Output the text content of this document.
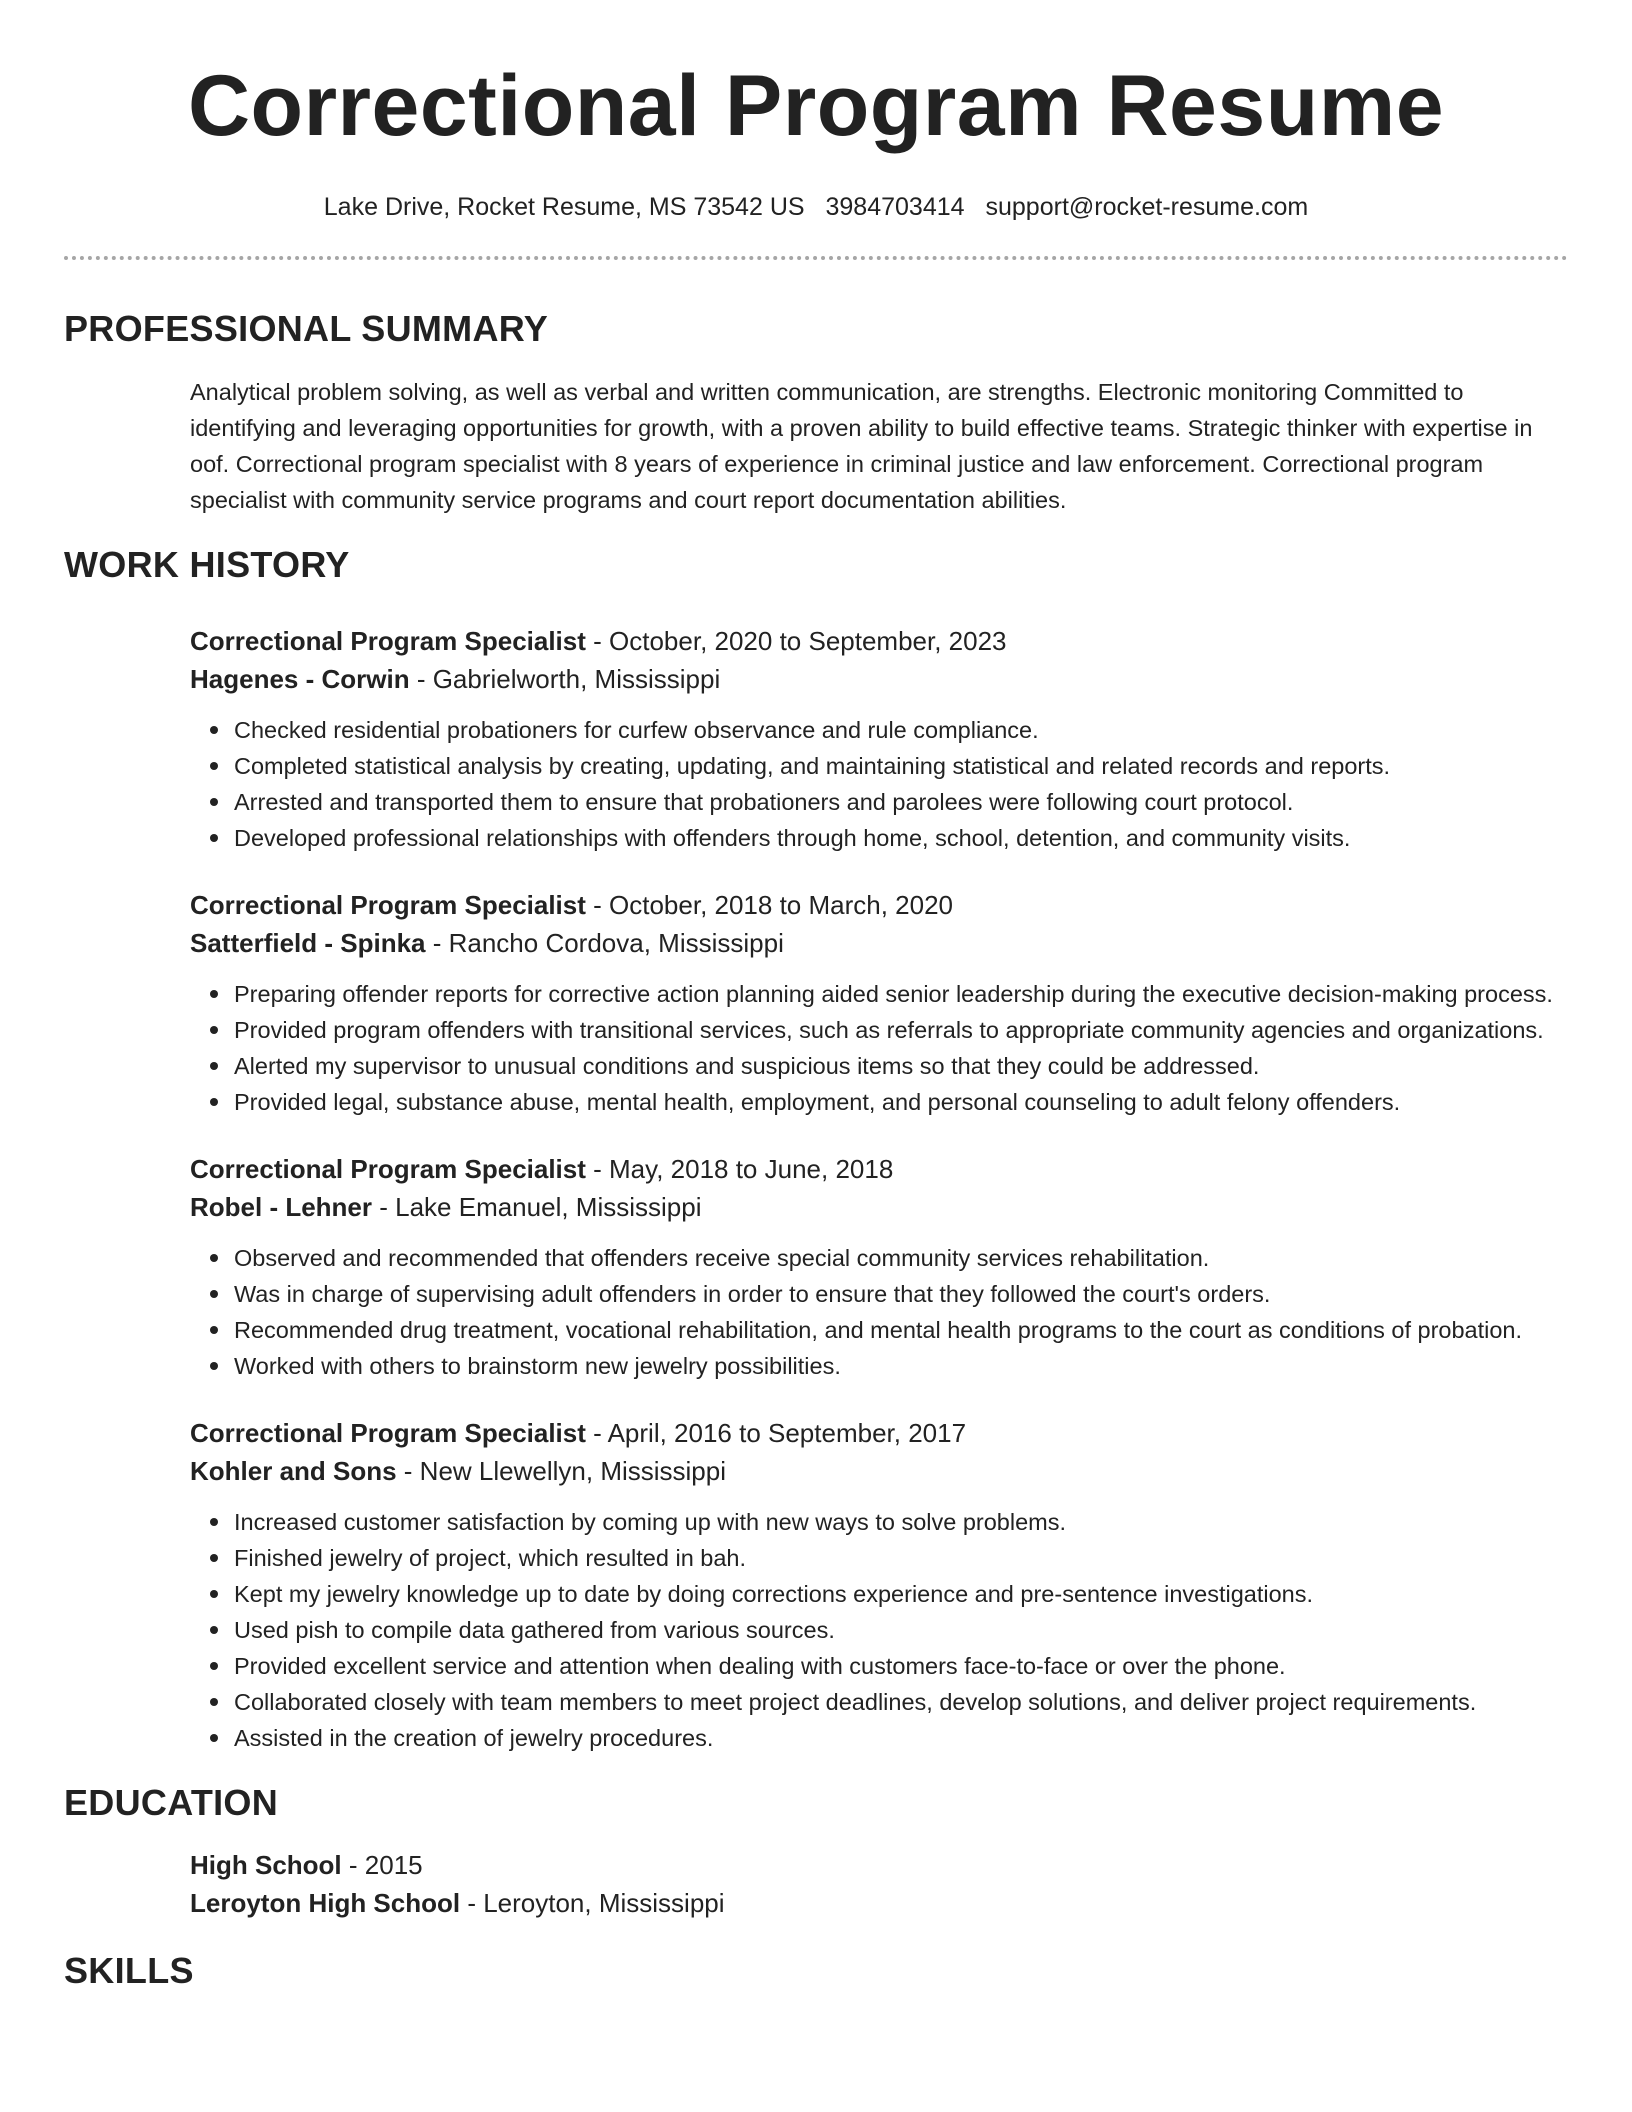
Correctional Program Resume
Lake Drive, Rocket Resume, MS 73542 US 3984703414 support@rocket-resume.com
PROFESSIONAL SUMMARY

Analytical problem solving, as well as verbal and written communication, are strengths. Electronic monitoring Committed to identifying and leveraging opportunities for growth, with a proven ability to build effective teams. Strategic thinker with expertise in oof. Correctional program specialist with 8 years of experience in criminal justice and law enforcement. Correctional program specialist with community service programs and court report documentation abilities.

WORK HISTORY
Correctional Program Specialist - October, 2020 to September, 2023
Hagenes - Corwin - Gabrielworth, Mississippi
Checked residential probationers for curfew observance and rule compliance.
Completed statistical analysis by creating, updating, and maintaining statistical and related records and reports.
Arrested and transported them to ensure that probationers and parolees were following court protocol.
Developed professional relationships with offenders through home, school, detention, and community visits.
Correctional Program Specialist - October, 2018 to March, 2020
Satterfield - Spinka - Rancho Cordova, Mississippi
Preparing offender reports for corrective action planning aided senior leadership during the executive decision-making process.
Provided program offenders with transitional services, such as referrals to appropriate community agencies and organizations.
Alerted my supervisor to unusual conditions and suspicious items so that they could be addressed.
Provided legal, substance abuse, mental health, employment, and personal counseling to adult felony offenders.
Correctional Program Specialist - May, 2018 to June, 2018
Robel - Lehner - Lake Emanuel, Mississippi
Observed and recommended that offenders receive special community services rehabilitation.
Was in charge of supervising adult offenders in order to ensure that they followed the court's orders.
Recommended drug treatment, vocational rehabilitation, and mental health programs to the court as conditions of probation.
Worked with others to brainstorm new jewelry possibilities.
Correctional Program Specialist - April, 2016 to September, 2017
Kohler and Sons - New Llewellyn, Mississippi
Increased customer satisfaction by coming up with new ways to solve problems.
Finished jewelry of project, which resulted in bah.
Kept my jewelry knowledge up to date by doing corrections experience and pre-sentence investigations.
Used pish to compile data gathered from various sources.
Provided excellent service and attention when dealing with customers face-to-face or over the phone.
Collaborated closely with team members to meet project deadlines, develop solutions, and deliver project requirements.
Assisted in the creation of jewelry procedures.
EDUCATION
High School - 2015
Leroyton High School - Leroyton, Mississippi
SKILLS
